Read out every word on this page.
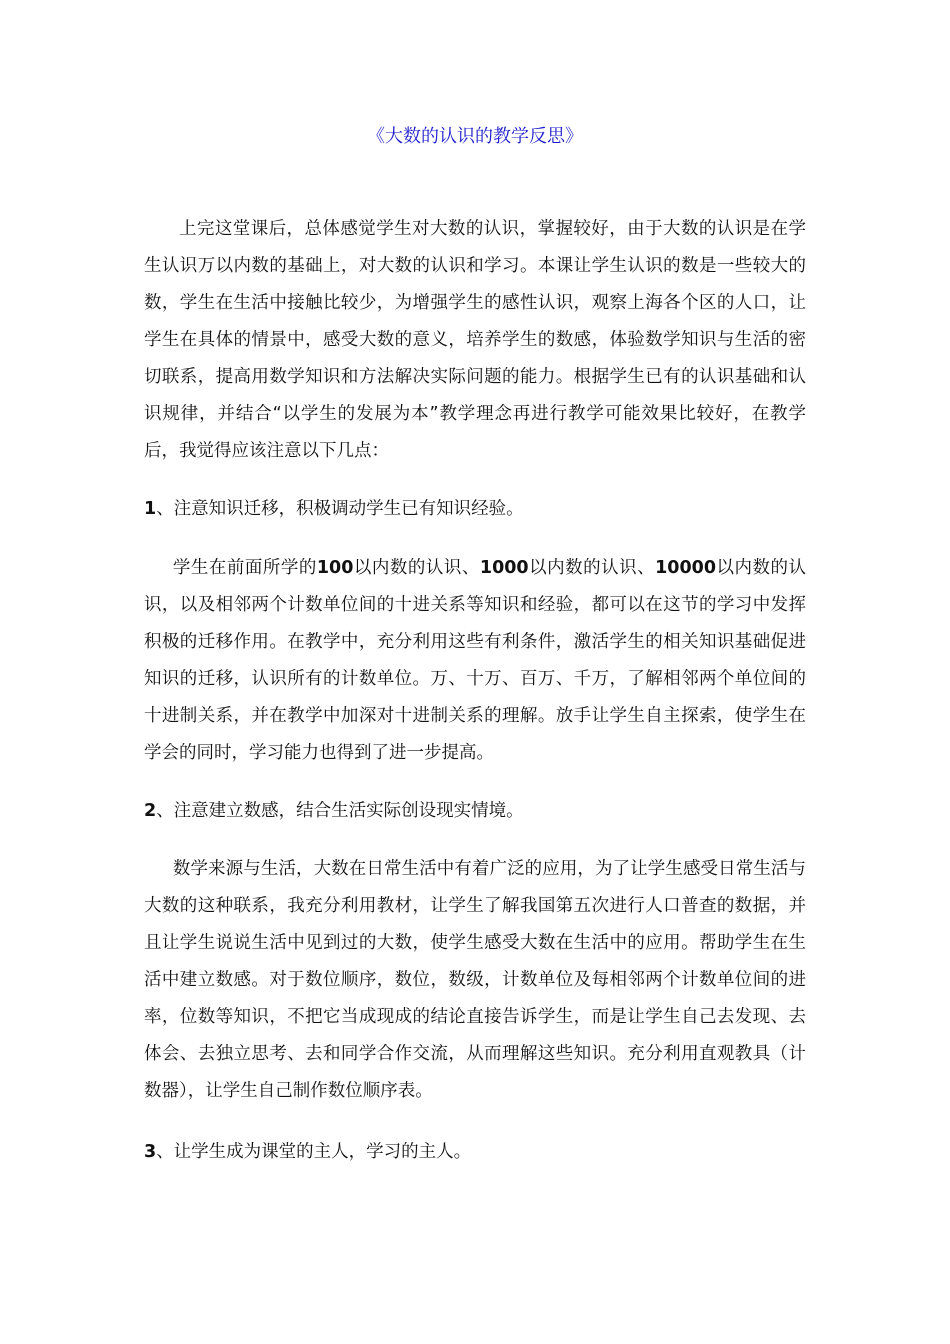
《大数的认识的教学反思》

上完这堂课后，总体感觉学生对大数的认识，掌握较好，由于大数的认识是在学生认识万以内数的基础上，对大数的认识和学习。本课让学生认识的数是一些较大的数，学生在生活中接触比较少，为增强学生的感性认识，观察上海各个区的人口，让学生在具体的情景中，感受大数的意义，培养学生的数感，体验数学知识与生活的密切联系，提高用数学知识和方法解决实际问题的能力。根据学生已有的认识基础和认识规律，并结合“以学生的发展为本”教学理念再进行教学可能效果比较好，在教学后，我觉得应该注意以下几点：

1、注意知识迁移，积极调动学生已有知识经验。

学生在前面所学的100以内数的认识、1000以内数的认识、10000以内数的认识，以及相邻两个计数单位间的十进关系等知识和经验，都可以在这节的学习中发挥积极的迁移作用。在教学中，充分利用这些有利条件，激活学生的相关知识基础促进知识的迁移，认识所有的计数单位。万、十万、百万、千万，了解相邻两个单位间的十进制关系，并在教学中加深对十进制关系的理解。放手让学生自主探索，使学生在学会的同时，学习能力也得到了进一步提高。

2、注意建立数感，结合生活实际创设现实情境。

数学来源与生活，大数在日常生活中有着广泛的应用，为了让学生感受日常生活与大数的这种联系，我充分利用教材，让学生了解我国第五次进行人口普查的数据，并且让学生说说生活中见到过的大数，使学生感受大数在生活中的应用。帮助学生在生活中建立数感。对于数位顺序，数位，数级，计数单位及每相邻两个计数单位间的进率，位数等知识，不把它当成现成的结论直接告诉学生，而是让学生自己去发现、去体会、去独立思考、去和同学合作交流，从而理解这些知识。充分利用直观教具（计数器），让学生自己制作数位顺序表。

3、让学生成为课堂的主人，学习的主人。
